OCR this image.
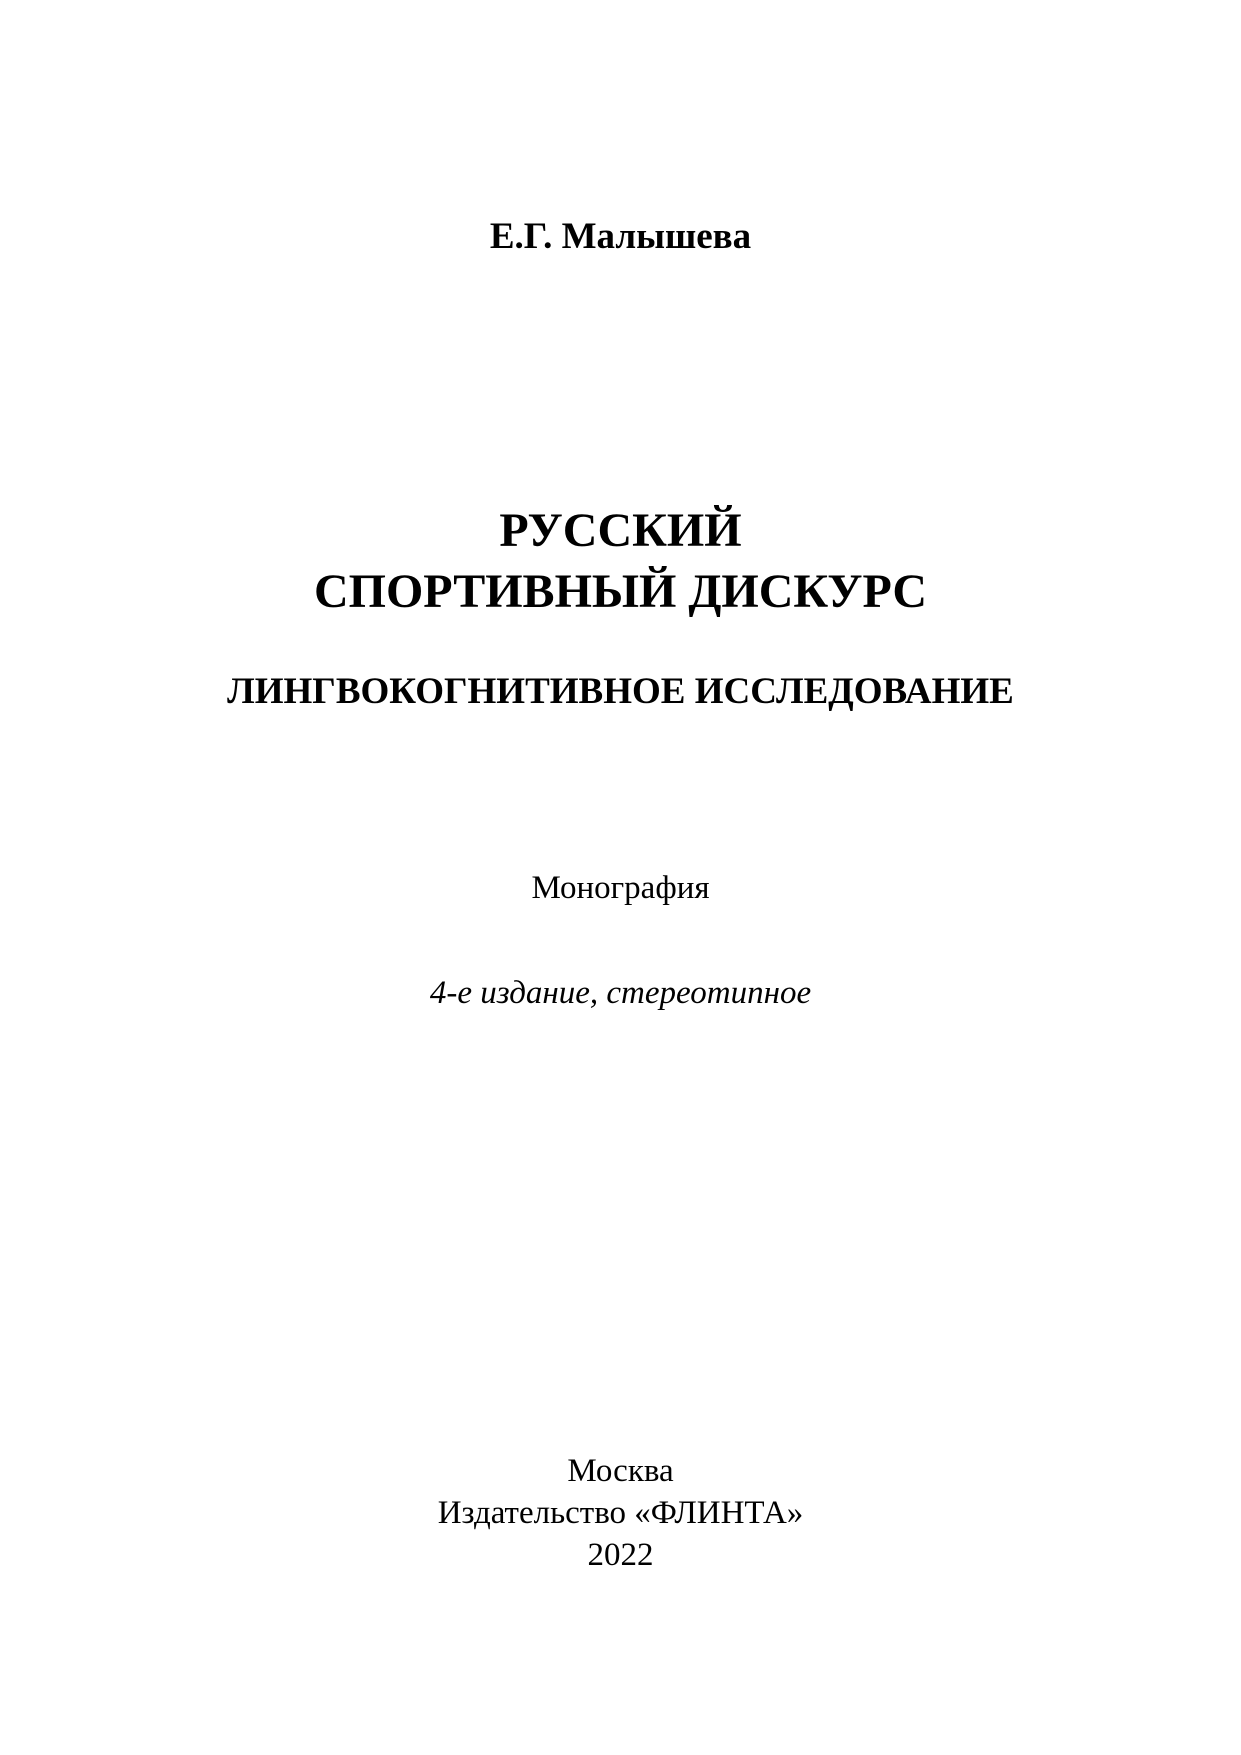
Е.Г. Малышева
РУССКИЙ
СПОРТИВНЫЙ ДИСКУРС
ЛИНГВОКОГНИТИВНОЕ ИССЛЕДОВАНИЕ
Монография
4-е издание, стереотипное
Москва
Издательство «ФЛИНТА»
2022
